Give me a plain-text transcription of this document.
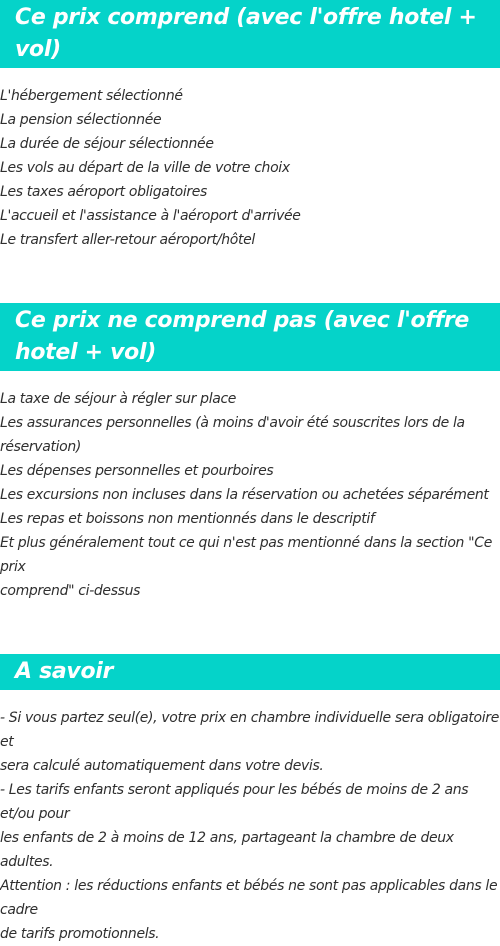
Ce prix comprend (avec l'offre hotel + vol)
L'hébergement sélectionné
La pension sélectionnée
La durée de séjour sélectionnée
Les vols au départ de la ville de votre choix
Les taxes aéroport obligatoires
L'accueil et l'assistance à l'aéroport d'arrivée
Le transfert aller-retour aéroport/hôtel
Ce prix ne comprend pas (avec l'offre hotel + vol)
La taxe de séjour à régler sur place
Les assurances personnelles (à moins d'avoir été souscrites lors de la
réservation)
Les dépenses personnelles et pourboires
Les excursions non incluses dans la réservation ou achetées séparément
Les repas et boissons non mentionnés dans le descriptif
Et plus généralement tout ce qui n'est pas mentionné dans la section "Ce prix
comprend" ci-dessus
A savoir
- Si vous partez seul(e), votre prix en chambre individuelle sera obligatoire et
sera calculé automatiquement dans votre devis.
- Les tarifs enfants seront appliqués pour les bébés de moins de 2 ans et/ou pour
les enfants de 2 à moins de 12 ans, partageant la chambre de deux adultes.
Attention : les réductions enfants et bébés ne sont pas applicables dans le cadre
de tarifs promotionnels.
